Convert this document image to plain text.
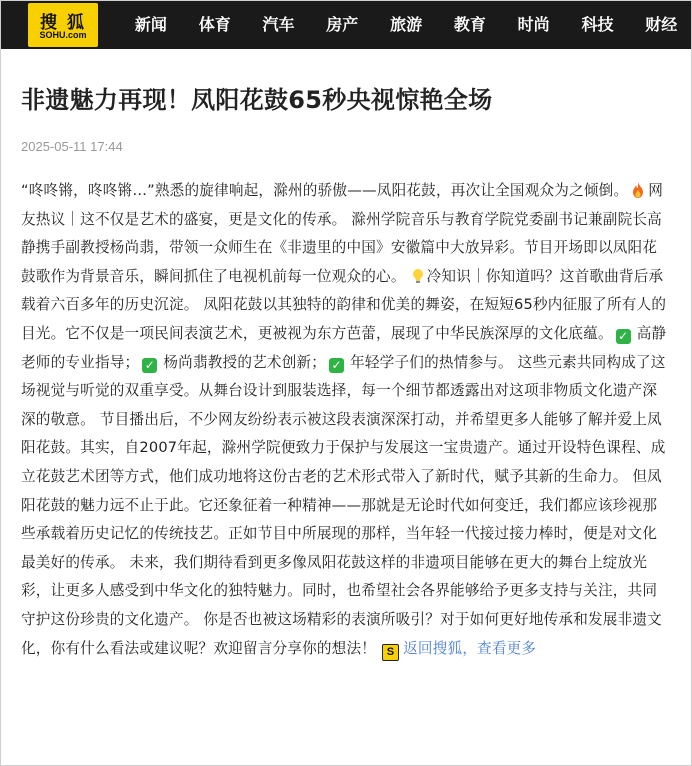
搜狐
SOHU.com
新闻	体育	汽车	房产	旅游	教育	时尚	科技	财经
非遗魅力再现！凤阳花鼓65秒央视惊艳全场
2025-05-11 17:44
“咚咚锵，咚咚锵…”熟悉的旋律响起，滁州的骄傲——凤阳花鼓，再次让全国观众为之倾倒。 网友热议｜这不仅是艺术的盛宴，更是文化的传承。 滁州学院音乐与教育学院党委副书记兼副院长高静携手副教授杨尚翡，带领一众师生在《非遗里的中国》安徽篇中大放异彩。节目开场即以凤阳花鼓歌作为背景音乐，瞬间抓住了电视机前每一位观众的心。 冷知识｜你知道吗？这首歌曲背后承载着六百多年的历史沉淀。 凤阳花鼓以其独特的韵律和优美的舞姿，在短短65秒内征服了所有人的目光。它不仅是一项民间表演艺术，更被视为东方芭蕾，展现了中华民族深厚的文化底蕴。 ✓ 高静老师的专业指导； ✓ 杨尚翡教授的艺术创新； ✓ 年轻学子们的热情参与。 这些元素共同构成了这场视觉与听觉的双重享受。从舞台设计到服装选择，每一个细节都透露出对这项非物质文化遗产深深的敬意。 节目播出后，不少网友纷纷表示被这段表演深深打动，并希望更多人能够了解并爱上凤阳花鼓。其实，自2007年起，滁州学院便致力于保护与发展这一宝贵遗产。通过开设特色课程、成立花鼓艺术团等方式，他们成功地将这份古老的艺术形式带入了新时代，赋予其新的生命力。 但凤阳花鼓的魅力远不止于此。它还象征着一种精神——那就是无论时代如何变迁，我们都应该珍视那些承载着历史记忆的传统技艺。正如节目中所展现的那样，当年轻一代接过接力棒时，便是对文化最美好的传承。 未来，我们期待看到更多像凤阳花鼓这样的非遗项目能够在更大的舞台上绽放光彩，让更多人感受到中华文化的独特魅力。同时，也希望社会各界能够给予更多支持与关注，共同守护这份珍贵的文化遗产。 你是否也被这场精彩的表演所吸引？对于如何更好地传承和发展非遗文化，你有什么看法或建议呢？欢迎留言分享你的想法！ S 返回搜狐，查看更多
